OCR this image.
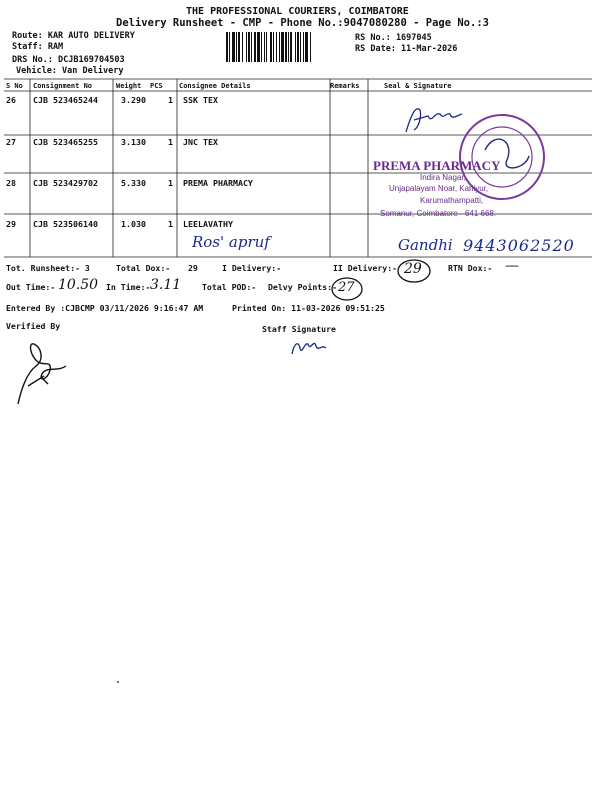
THE PROFESSIONAL COURIERS, COIMBATORE
Delivery Runsheet - CMP - Phone No.:9047080280 - Page No.:3
Route: KAR AUTO DELIVERY
Staff: RAM
DRS No.: DCJB169704503
Vehicle: Van Delivery
RS No.: 1697045
RS Date: 11-Mar-2026
S No Consignment No	Weight PCS Consignee Details	Remarks	Seal & Signature
26 CJB 523465244	3.290	1 SSK TEX
27 CJB 523465255	3.130	1 JNC TEX
28 CJB 523429702	5.330	1 PREMA PHARMACY
29 CJB 523506140	1.030	1 LEELAVATHY
PREMA PHARMACY
Indira Nagar,
Unjapalayam Noar, Kariiyur,
Karumathampatti,
Somanur, Coimbatore - 641 668.
Ros' apruf	Gandhi 9443062520
Tot. Runsheet:- 3	Total Dox:- 29	I Delivery:-	II Delivery:- 29	RTN Dox:- —
Out Time:- 10.50 In Time:- 3.11	Total POD:- Delvy Points:- 27
Entered By :CJBCMP 03/11/2026 9:16:47 AM	Printed On: 11-03-2026 09:51:25
Verified By	Staff Signature
